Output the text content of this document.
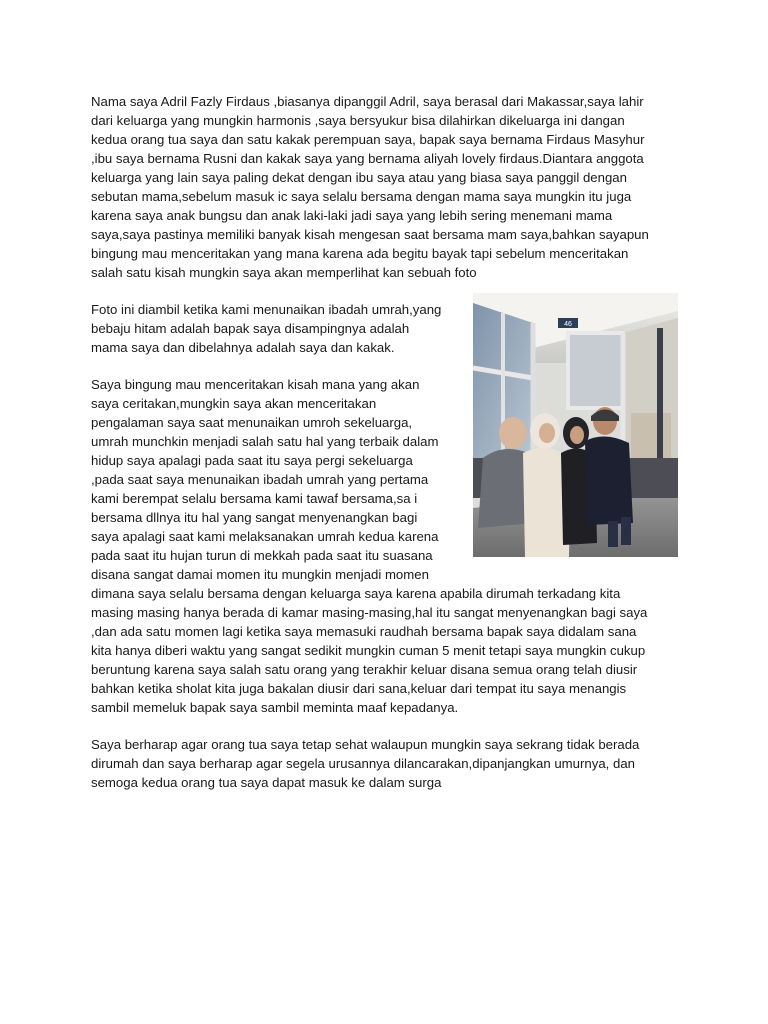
Nama saya Adril Fazly Firdaus ,biasanya dipanggil Adril, saya berasal dari Makassar,saya lahir
dari keluarga yang mungkin harmonis ,saya bersyukur bisa dilahirkan dikeluarga ini dangan
kedua orang tua saya dan satu kakak perempuan saya, bapak saya bernama Firdaus Masyhur
,ibu saya bernama Rusni dan kakak saya yang bernama aliyah lovely firdaus.Diantara anggota
keluarga yang lain saya paling dekat dengan ibu saya atau yang biasa saya panggil dengan
sebutan mama,sebelum masuk ic saya selalu bersama dengan mama saya mungkin itu juga
karena saya anak bungsu dan anak laki-laki jadi saya yang lebih sering menemani mama
saya,saya pastinya memiliki banyak kisah mengesan saat bersama mam saya,bahkan sayapun
bingung mau menceritakan yang mana karena ada begitu bayak tapi sebelum menceritakan
salah satu kisah mungkin saya akan memperlihat kan sebuah foto
Foto ini diambil ketika kami menunaikan ibadah umrah,yang
bebaju hitam adalah bapak saya disampingnya adalah
mama saya dan dibelahnya adalah saya dan kakak.
Saya bingung mau menceritakan kisah mana yang akan
saya ceritakan,mungkin saya akan menceritakan
pengalaman saya saat menunaikan umroh sekeluarga,
umrah munchkin menjadi salah satu hal yang terbaik dalam
hidup saya apalagi pada saat itu saya pergi sekeluarga
,pada saat saya menunaikan ibadah umrah yang pertama
kami berempat selalu bersama kami tawaf bersama,sa i
bersama dllnya itu hal yang sangat menyenangkan bagi
saya apalagi saat kami melaksanakan umrah kedua karena
pada saat itu hujan turun di mekkah pada saat itu suasana
disana sangat damai momen itu mungkin menjadi momen
dimana saya selalu bersama dengan keluarga saya karena apabila dirumah terkadang kita
masing masing hanya berada di kamar masing-masing,hal itu sangat menyenangkan bagi saya
,dan ada satu momen lagi ketika saya memasuki raudhah bersama bapak saya didalam sana
kita hanya diberi waktu yang sangat sedikit mungkin cuman 5 menit tetapi saya mungkin cukup
beruntung karena saya salah satu orang yang terakhir keluar disana semua orang telah diusir
bahkan ketika sholat kita juga bakalan diusir dari sana,keluar dari tempat itu saya menangis
sambil memeluk bapak saya sambil meminta maaf kepadanya.
Saya berharap agar orang tua saya tetap sehat walaupun mungkin saya sekrang tidak berada
dirumah dan saya berharap agar segela urusannya dilancarakan,dipanjangkan umurnya, dan
semoga kedua orang tua saya dapat masuk ke dalam surga
46
